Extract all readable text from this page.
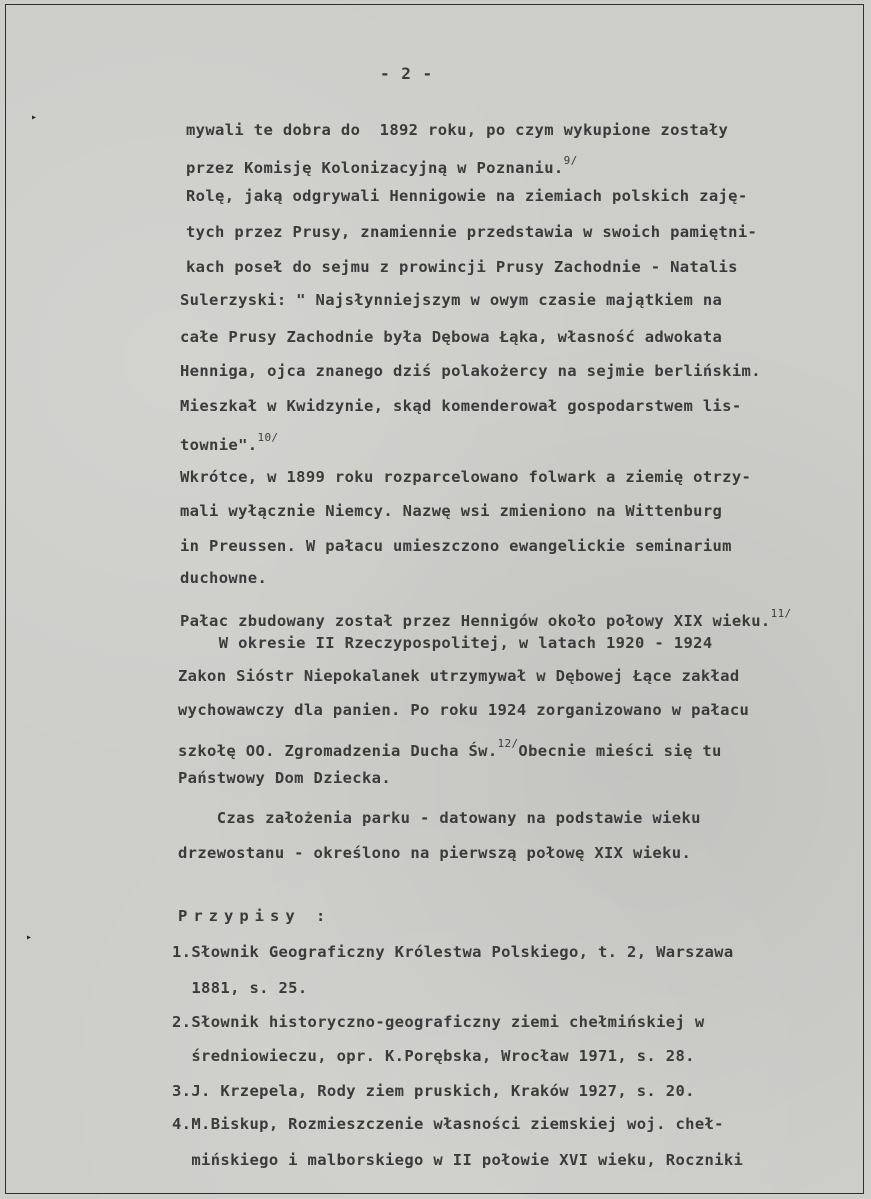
▸
▸
- 2 -
mywali te dobra do  1892 roku, po czym wykupione zostały
przez Komisję Kolonizacyjną w Poznaniu.$^{9/}$
Rolę, jaką odgrywali Hennigowie na ziemiach polskich zaję-
tych przez Prusy, znamiennie przedstawia w swoich pamiętni-
kach poseł do sejmu z prowincji Prusy Zachodnie - Natalis
Sulerzyski: " Najsłynniejszym w owym czasie majątkiem na
całe Prusy Zachodnie była Dębowa Łąka, własność adwokata
Henniga, ojca znanego dziś polakożercy na sejmie berlińskim.
Mieszkał w Kwidzynie, skąd komenderował gospodarstwem lis-
townie".$^{10/}$
Wkrótce, w 1899 roku rozparcelowano folwark a ziemię otrzy-
mali wyłącznie Niemcy. Nazwę wsi zmieniono na Wittenburg
in Preussen. W pałacu umieszczono ewangelickie seminarium
duchowne.
Pałac zbudowany został przez Hennigów około połowy XIX wieku.$^{11/}$
W okresie II Rzeczypospolitej, w latach 1920 - 1924
Zakon Sióstr Niepokalanek utrzymywał w Dębowej Łące zakład
wychowawczy dla panien. Po roku 1924 zorganizowano w pałacu
szkołę OO. Zgromadzenia Ducha Św.$^{12/}$Obecnie mieści się tu
Państwowy Dom Dziecka.
Czas założenia parku - datowany na podstawie wieku
drzewostanu - określono na pierwszą połowę XIX wieku.
Przypisy :
1.Słownik Geograficzny Królestwa Polskiego, t. 2, Warszawa
1881, s. 25.
2.Słownik historyczno-geograficzny ziemi chełmińskiej w
średniowieczu, opr. K.Porębska, Wrocław 1971, s. 28.
3.J. Krzepela, Rody ziem pruskich, Kraków 1927, s. 20.
4.M.Biskup, Rozmieszczenie własności ziemskiej woj. cheł-
mińskiego i malborskiego w II połowie XVI wieku, Roczniki
